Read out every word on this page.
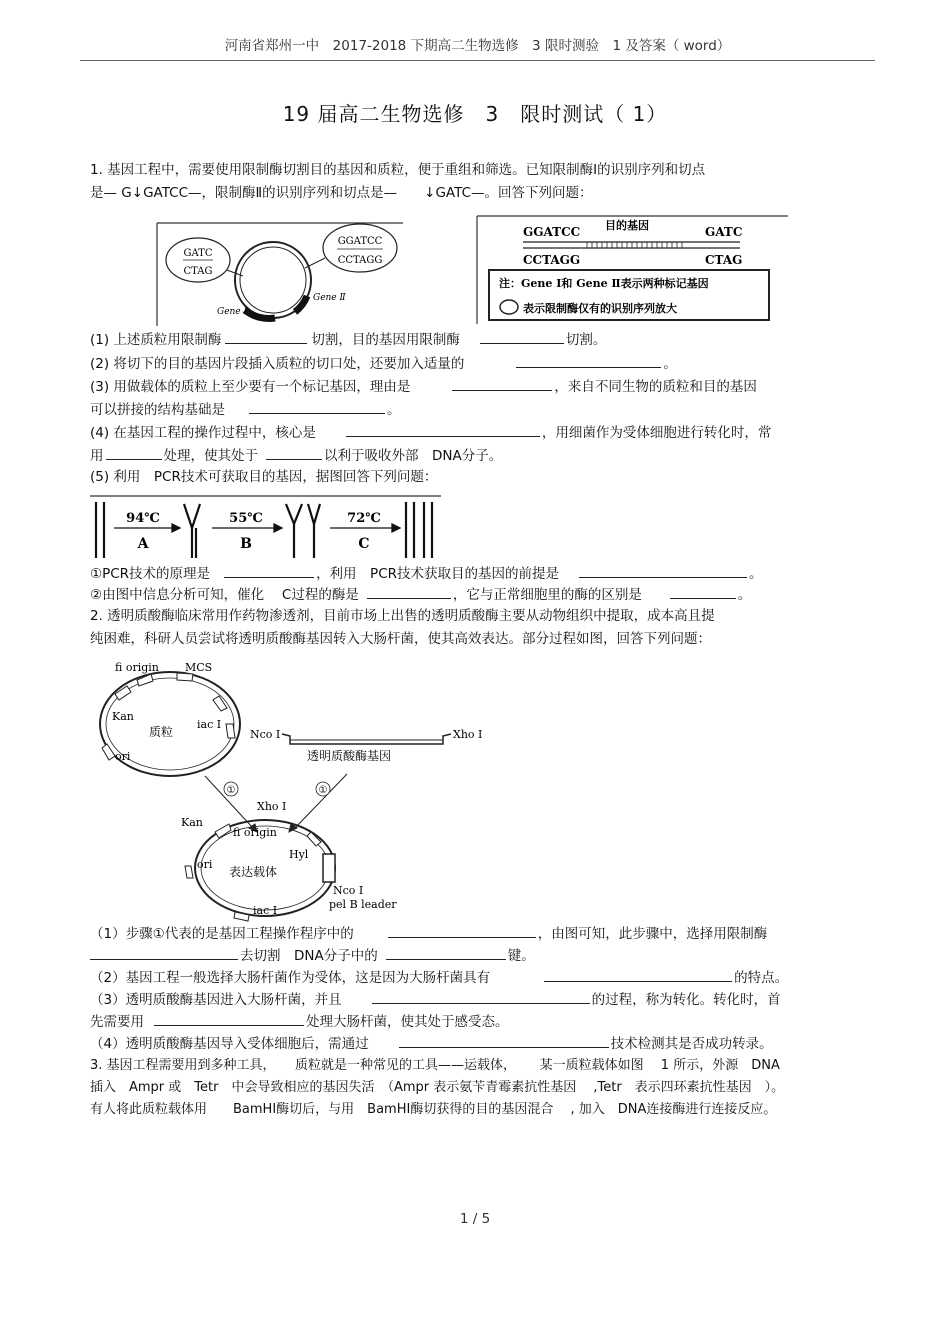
河南省郑州一中　2017-2018 下期高二生物选修　3 限时测验　1 及答案（ word）
19 届高二生物选修　3　限时测试（ 1）
1. 基因工程中，需要使用限制酶切割目的基因和质粒，便于重组和筛选。已知限制酶Ⅰ的识别序列和切点
是— G↓GATCC—，限制酶Ⅱ的识别序列和切点是—　　↓GATC—。回答下列问题：
GATC
CTAG
GGATCC
CCTAGG
Gene Ⅰ
Gene Ⅱ
GGATCC
CCTAGG
目的基因	GATC
CTAG
注：Gene Ⅰ和 Gene Ⅱ表示两种标记基因
表示限制酶仅有的识别序列放大
(1) 上述质粒用限制酶	切割，目的基因用限制酶	切割。
(2) 将切下的目的基因片段插入质粒的切口处，还要加入适量的	。
(3) 用做载体的质粒上至少要有一个标记基因，理由是	，来自不同生物的质粒和目的基因
可以拼接的结构基础是	。
(4) 在基因工程的操作过程中，核心是	，用细菌作为受体细胞进行转化时，常
用	处理，使其处于	以利于吸收外部　DNA分子。
(5) 利用　PCR技术可获取目的基因，据图回答下列问题：
94℃
A
55℃
B
72℃
C
①PCR技术的原理是	，利用　PCR技术获取目的基因的前提是	。
②由图中信息分析可知，催化　 C过程的酶是	，它与正常细胞里的酶的区别是	。
2. 透明质酸酶临床常用作药物渗透剂，目前市场上出售的透明质酸酶主要从动物组织中提取，成本高且提
纯困难，科研人员尝试将透明质酸酶基因转入大肠杆菌，使其高效表达。部分过程如图，回答下列问题：
fi origin MCS
Kan
质粒
iac Ⅰ
ori
Nco Ⅰ	Xho Ⅰ
透明质酸酶基因
①	①
Xho Ⅰ
Kan
fi origin
ori
表达载体
Hyl
Nco Ⅰ
iac Ⅰ	pel B leader
（1）步骤①代表的是基因工程操作程序中的	，由图可知，此步骤中，选择用限制酶
去切割　DNA分子中的	键。
（2）基因工程一般选择大肠杆菌作为受体，这是因为大肠杆菌具有	的特点。
（3）透明质酸酶基因进入大肠杆菌，并且	的过程，称为转化。转化时，首
先需要用	处理大肠杆菌，使其处于感受态。
（4）透明质酸酶基因导入受体细胞后，需通过	技术检测其是否成功转录。
3. 基因工程需要用到多种工具，　　质粒就是一种常见的工具——运载体，　　 某一质粒载体如图　 1 所示，外源　DNA
插入　Ampr 或　Tetr　中会导致相应的基因失活　（Ampr 表示氨苄青霉素抗性基因　 ,Tetr　表示四环素抗性基因　）。
有人将此质粒载体用　　BamHⅠ酶切后，与用　BamHⅠ酶切获得的目的基因混合　 , 加入　DNA连接酶进行连接反应。
1 / 5
